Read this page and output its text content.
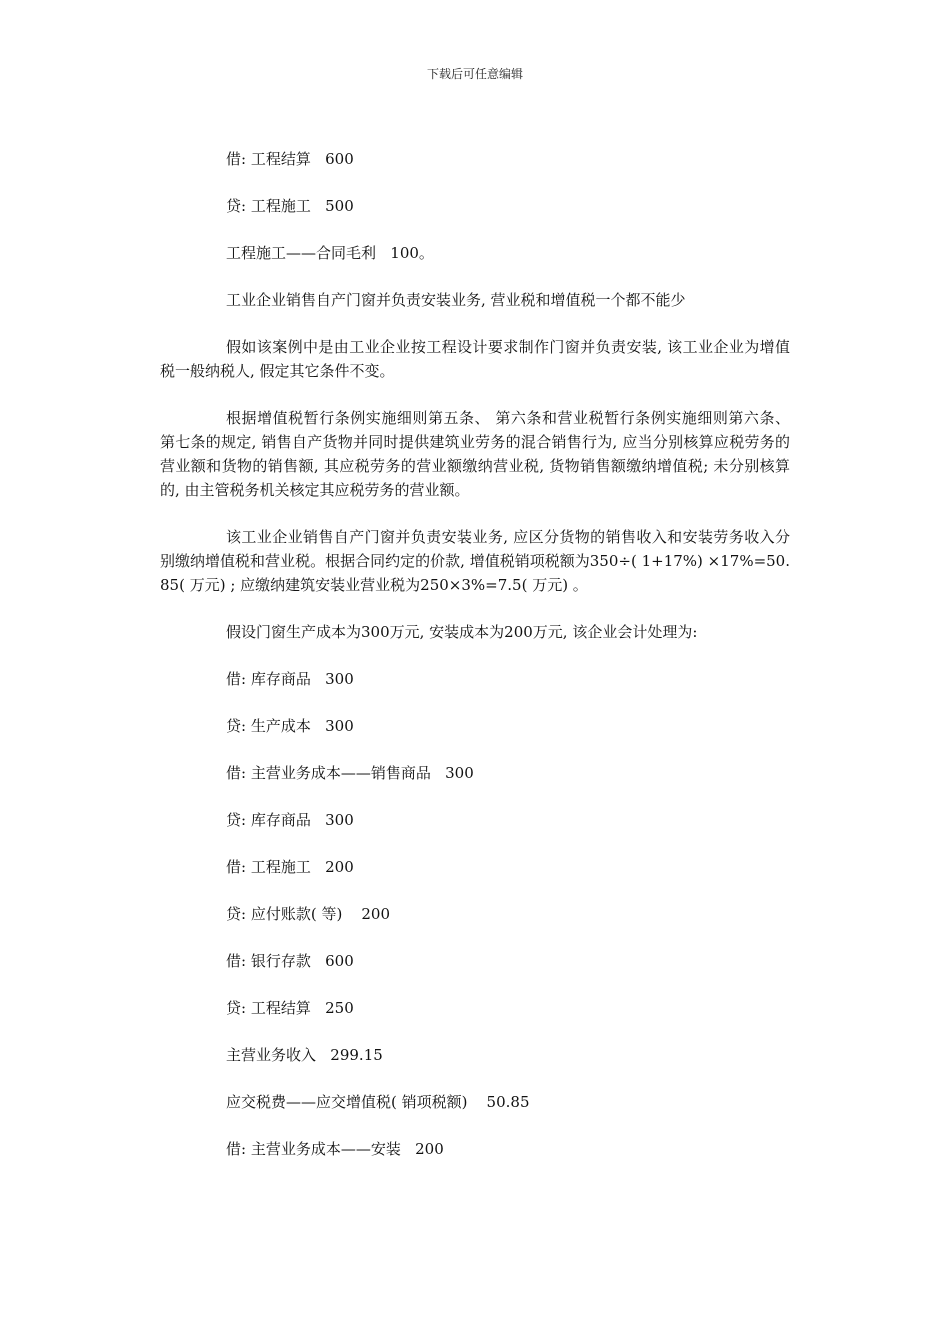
下载后可任意编辑

借: 工程结算   600

贷: 工程施工   500

工程施工——合同毛利   100。

工业企业销售自产门窗并负责安装业务, 营业税和增值税一个都不能少

假如该案例中是由工业企业按工程设计要求制作门窗并负责安装, 该工业企业为增值税一般纳税人, 假定其它条件不变。

根据增值税暂行条例实施细则第五条、 第六条和营业税暂行条例实施细则第六条、 第七条的规定, 销售自产货物并同时提供建筑业劳务的混合销售行为, 应当分别核算应税劳务的营业额和货物的销售额, 其应税劳务的营业额缴纳营业税, 货物销售额缴纳增值税; 未分别核算的, 由主管税务机关核定其应税劳务的营业额。

该工业企业销售自产门窗并负责安装业务, 应区分货物的销售收入和安装劳务收入分别缴纳增值税和营业税。根据合同约定的价款, 增值税销项税额为350÷( 1+17%) ×17%=50.85( 万元) ; 应缴纳建筑安装业营业税为250×3%=7.5( 万元) 。

假设门窗生产成本为300万元, 安装成本为200万元, 该企业会计处理为:

借: 库存商品   300

贷: 生产成本   300

借: 主营业务成本——销售商品   300

贷: 库存商品   300

借: 工程施工   200

贷: 应付账款( 等)    200

借: 银行存款   600

贷: 工程结算   250

主营业务收入   299.15

应交税费——应交增值税( 销项税额)    50.85

借: 主营业务成本——安装   200
